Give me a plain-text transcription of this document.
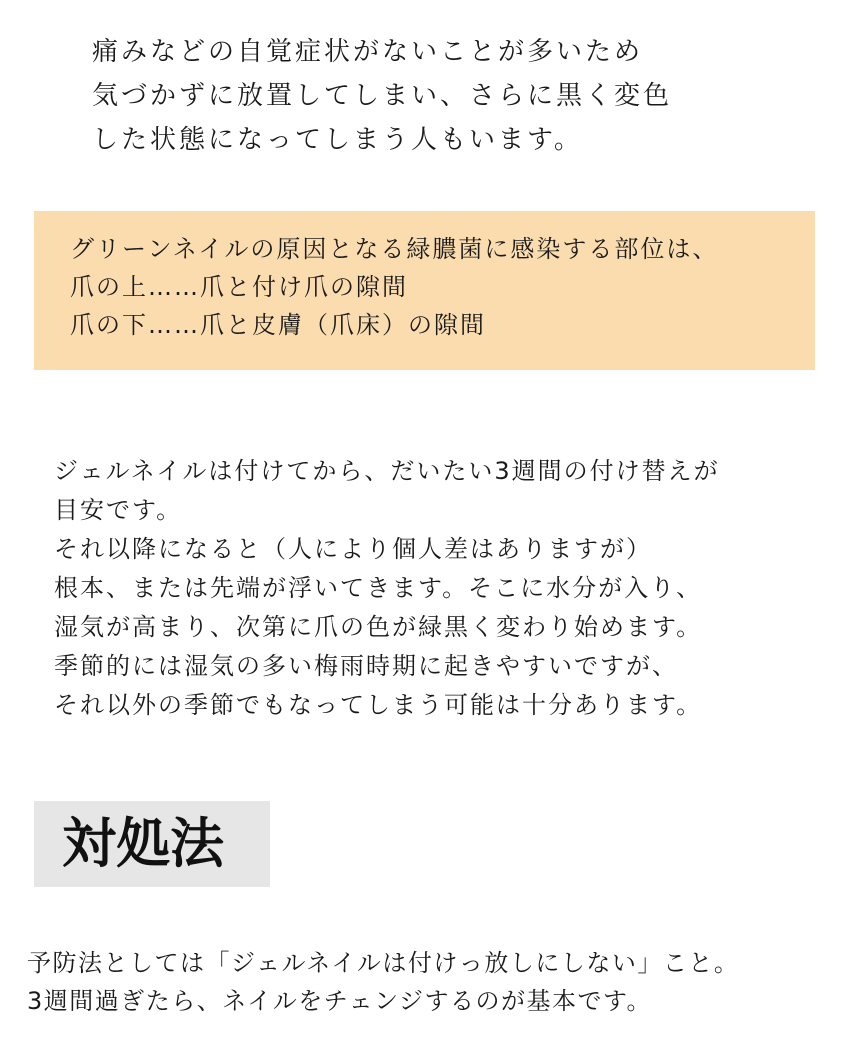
痛みなどの自覚症状がないことが多いため
気づかずに放置してしまい、さらに黒く変色
した状態になってしまう人もいます。
グリーンネイルの原因となる緑膿菌に感染する部位は、
爪の上……爪と付け爪の隙間
爪の下……爪と皮膚（爪床）の隙間
ジェルネイルは付けてから、だいたい3週間の付け替えが
目安です。
それ以降になると（人により個人差はありますが）
根本、または先端が浮いてきます。そこに水分が入り、
湿気が高まり、次第に爪の色が緑黒く変わり始めます。
季節的には湿気の多い梅雨時期に起きやすいですが、
それ以外の季節でもなってしまう可能は十分あります。
対処法
予防法としては「ジェルネイルは付けっ放しにしない」こと。
3週間過ぎたら、ネイルをチェンジするのが基本です。
